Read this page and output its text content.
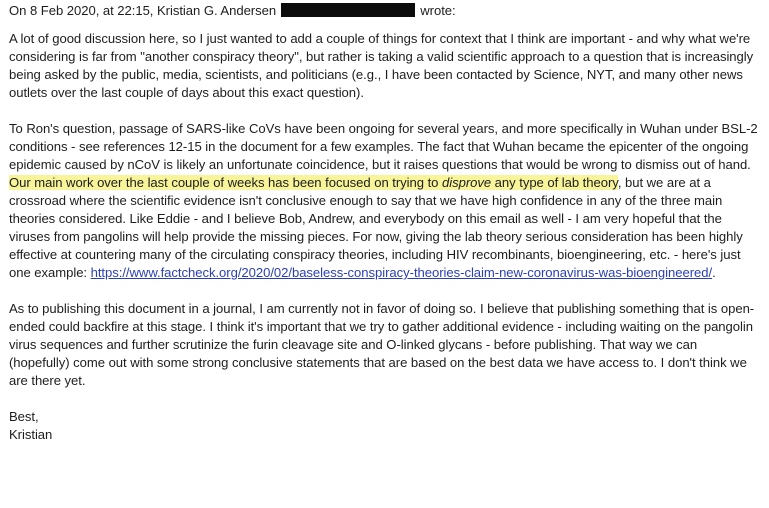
On 8 Feb 2020, at 22:15, Kristian G. Andersen	wrote:

A lot of good discussion here, so I just wanted to add a couple of things for context that I think are important - and why what we're considering is far from "another conspiracy theory", but rather is taking a valid scientific approach to a question that is increasingly being asked by the public, media, scientists, and politicians (e.g., I have been contacted by Science, NYT, and many other news outlets over the last couple of days about this exact question).

To Ron's question, passage of SARS-like CoVs have been ongoing for several years, and more specifically in Wuhan under BSL-2 conditions - see references 12-15 in the document for a few examples. The fact that Wuhan became the epicenter of the ongoing epidemic caused by nCoV is likely an unfortunate coincidence, but it raises questions that would be wrong to dismiss out of hand. Our main work over the last couple of weeks has been focused on trying to disprove any type of lab theory, but we are at a crossroad where the scientific evidence isn't conclusive enough to say that we have high confidence in any of the three main theories considered. Like Eddie - and I believe Bob, Andrew, and everybody on this email as well - I am very hopeful that the viruses from pangolins will help provide the missing pieces. For now, giving the lab theory serious consideration has been highly effective at countering many of the circulating conspiracy theories, including HIV recombinants, bioengineering, etc. - here's just one example: https://www.factcheck.org/2020/02/baseless-conspiracy-theories-claim-new-coronavirus-was-bioengineered/.

As to publishing this document in a journal, I am currently not in favor of doing so. I believe that publishing something that is open-ended could backfire at this stage. I think it's important that we try to gather additional evidence - including waiting on the pangolin virus sequences and further scrutinize the furin cleavage site and O-linked glycans - before publishing. That way we can (hopefully) come out with some strong conclusive statements that are based on the best data we have access to. I don't think we are there yet.

Best,

Kristian
